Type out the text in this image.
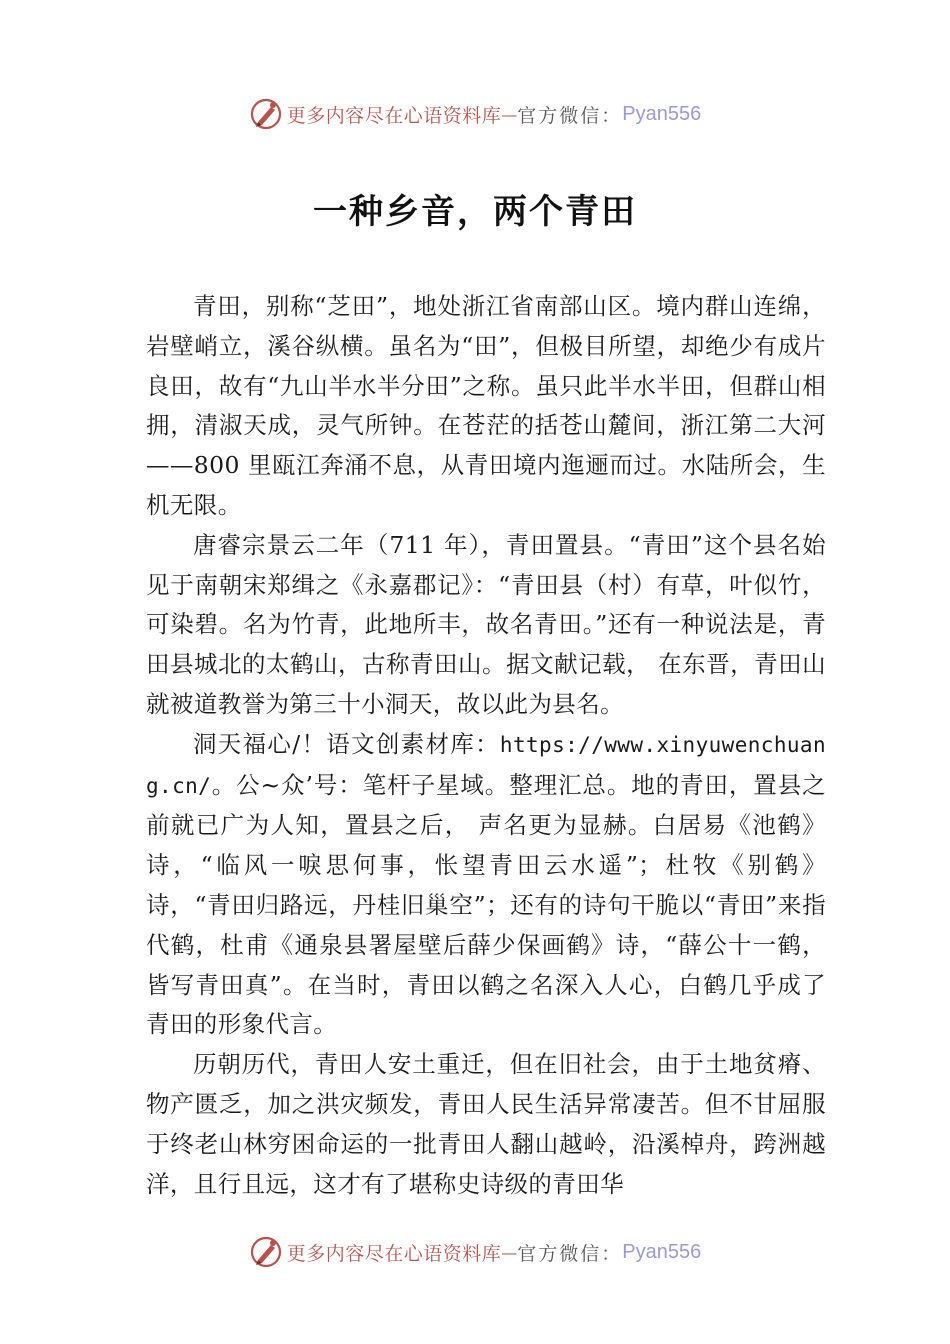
更多内容尽在心语资料库 — 官方微信： Pyan556
一种乡音，两个青田

青田，别称“芝田”，地处浙江省南部山区。境内群山连绵，岩壁峭立，溪谷纵横。虽名为“田”，但极目所望，却绝少有成片良田，故有“九山半水半分田”之称。虽只此半水半田，但群山相拥，清淑天成，灵气所钟。在苍茫的括苍山麓间，浙江第二大河——800 里瓯江奔涌不息，从青田境内迤逦而过。水陆所会，生机无限。

唐睿宗景云二年（711 年），青田置县。“青田”这个县名始见于南朝宋郑缉之《永嘉郡记》：“青田县（村）有草，叶似竹，可染碧。名为竹青，此地所丰，故名青田。”还有一种说法是，青田县城北的太鹤山，古称青田山。据文献记载， 在东晋，青田山就被道教誉为第三十小洞天，故以此为县名。

洞天福心/！语文创素材库：https://www.xinyuwenchuang.cn/。公~众’号：笔杆子星域。整理汇总。地的青田，置县之前就已广为人知，置县之后， 声名更为显赫。白居易《池鹤》诗，“临风一唳思何事，怅望青田云水遥”；杜牧《别鹤》诗，“青田归路远，丹桂旧巢空”；还有的诗句干脆以“青田”来指代鹤，杜甫《通泉县署屋壁后薛少保画鹤》诗，“薛公十一鹤，皆写青田真”。在当时，青田以鹤之名深入人心，白鹤几乎成了青田的形象代言。

历朝历代，青田人安土重迁，但在旧社会，由于土地贫瘠、物产匮乏，加之洪灾频发，青田人民生活异常凄苦。但不甘屈服于终老山林穷困命运的一批青田人翻山越岭，沿溪棹舟，跨洲越洋，且行且远，这才有了堪称史诗级的青田华

更多内容尽在心语资料库 — 官方微信： Pyan556
